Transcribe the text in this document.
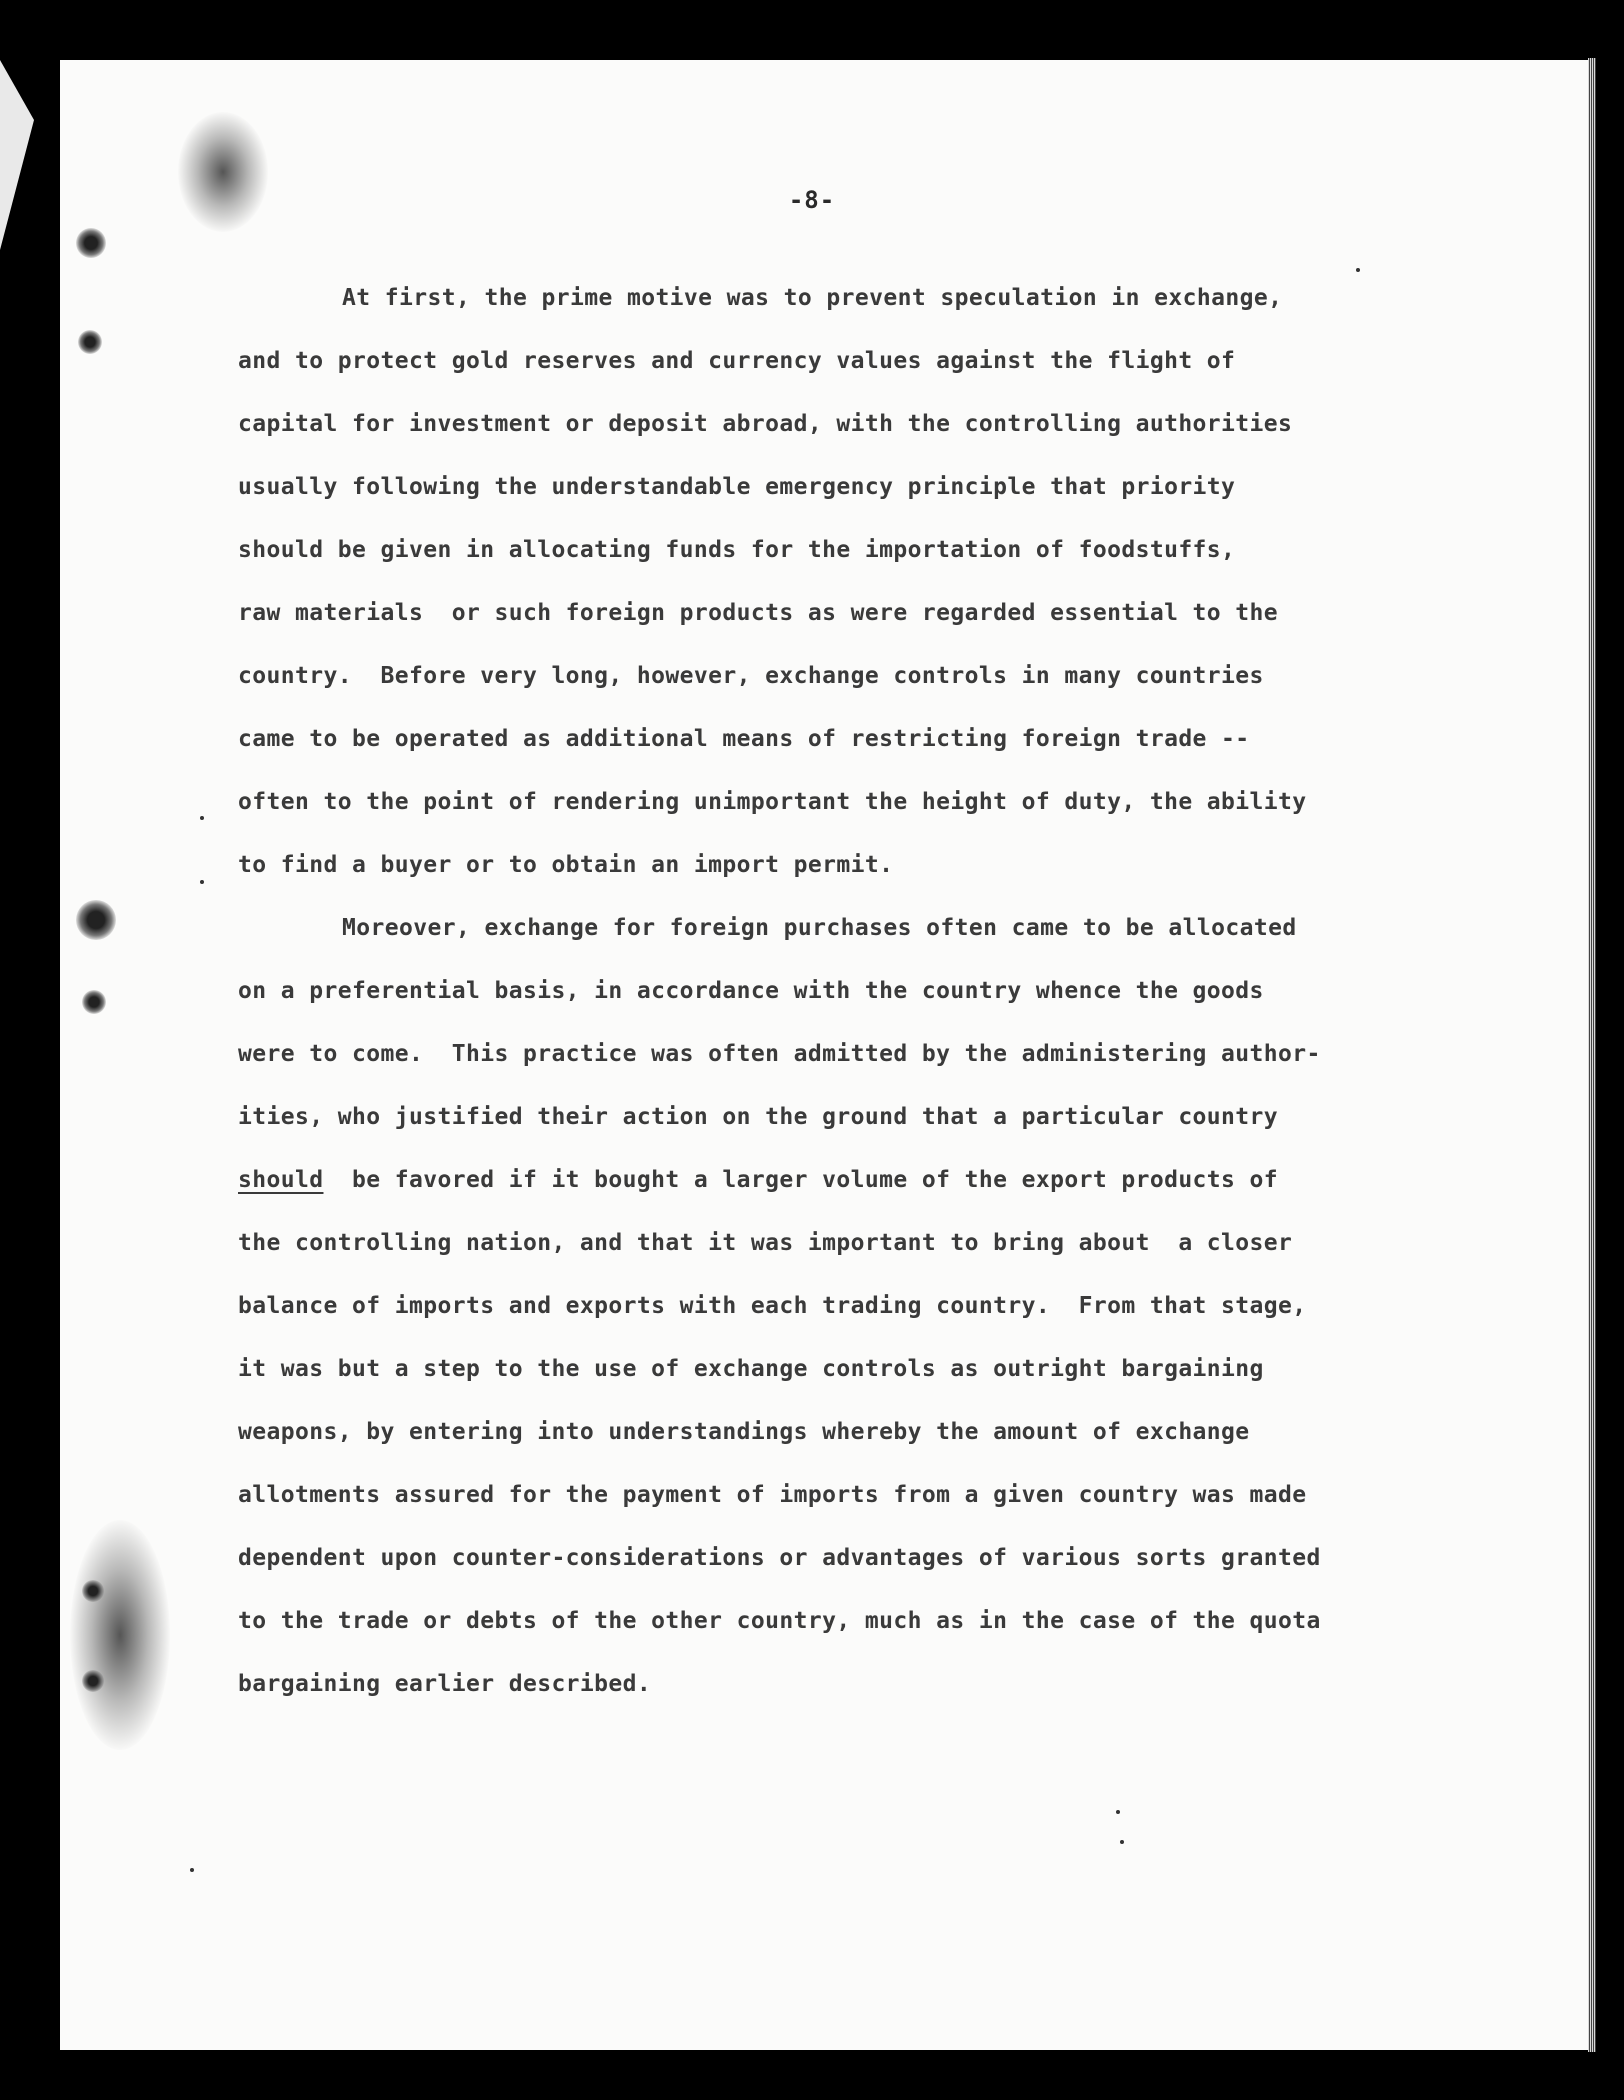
-8-
At first, the prime motive was to prevent speculation in exchange,
and to protect gold reserves and currency values against the flight of
capital for investment or deposit abroad, with the controlling authorities
usually following the understandable emergency principle that priority
should be given in allocating funds for the importation of foodstuffs,
raw materials  or such foreign products as were regarded essential to the
country.  Before very long, however, exchange controls in many countries
came to be operated as additional means of restricting foreign trade --
often to the point of rendering unimportant the height of duty, the ability
to find a buyer or to obtain an import permit.
Moreover, exchange for foreign purchases often came to be allocated
on a preferential basis, in accordance with the country whence the goods
were to come.  This practice was often admitted by the administering author-
ities, who justified their action on the ground that a particular country
should  be favored if it bought a larger volume of the export products of
the controlling nation, and that it was important to bring about  a closer
balance of imports and exports with each trading country.  From that stage,
it was but a step to the use of exchange controls as outright bargaining
weapons, by entering into understandings whereby the amount of exchange
allotments assured for the payment of imports from a given country was made
dependent upon counter-considerations or advantages of various sorts granted
to the trade or debts of the other country, much as in the case of the quota
bargaining earlier described.
